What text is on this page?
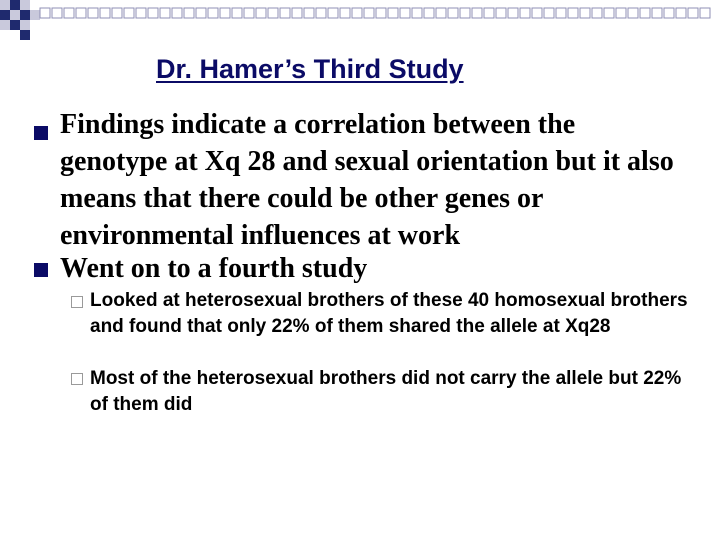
Dr. Hamer’s Third Study
Findings indicate a correlation between the genotype at Xq 28 and sexual orientation but it also means that there could be other genes or environmental influences at work
Went on to a fourth study
Looked at heterosexual brothers of these 40 homosexual brothers and found that only 22% of them shared the allele at Xq28
Most of the heterosexual brothers did not carry the allele but 22% of them did
